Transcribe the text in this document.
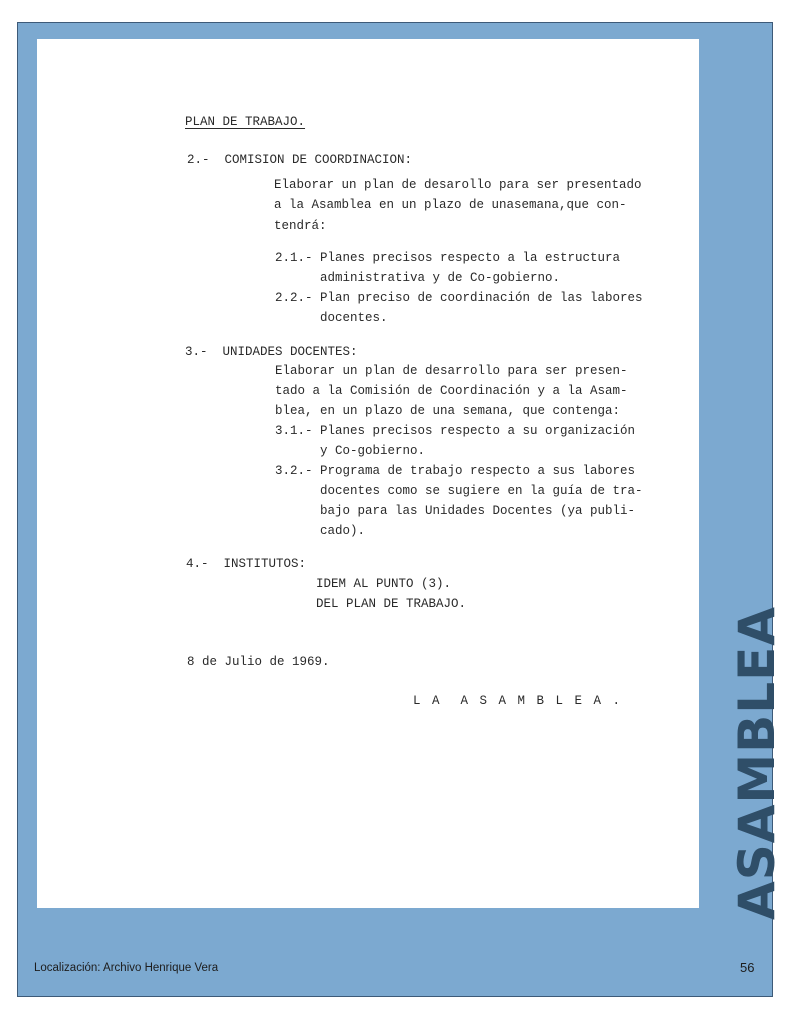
PLAN DE TRABAJO.
2.-  COMISION DE COORDINACION:
Elaborar un plan de desarollo para ser presentado
a la Asamblea en un plazo de unasemana,que con-
tendrá:
2.1.- Planes precisos respecto a la estructura
administrativa y de Co-gobierno.
2.2.- Plan preciso de coordinación de las labores
docentes.
3.-  UNIDADES DOCENTES:
Elaborar un plan de desarrollo para ser presen-
tado a la Comisión de Coordinación y a la Asam-
blea, en un plazo de una semana, que contenga:
3.1.- Planes precisos respecto a su organización
y Co-gobierno.
3.2.- Programa de trabajo respecto a sus labores
docentes como se sugiere en la guía de tra-
bajo para las Unidades Docentes (ya publi-
cado).
4.-  INSTITUTOS:
IDEM AL PUNTO (3).
DEL PLAN DE TRABAJO.
8 de Julio de 1969.
L A  A S A M B L E A . ASAMBLEA
Localización: Archivo Henrique Vera	56
